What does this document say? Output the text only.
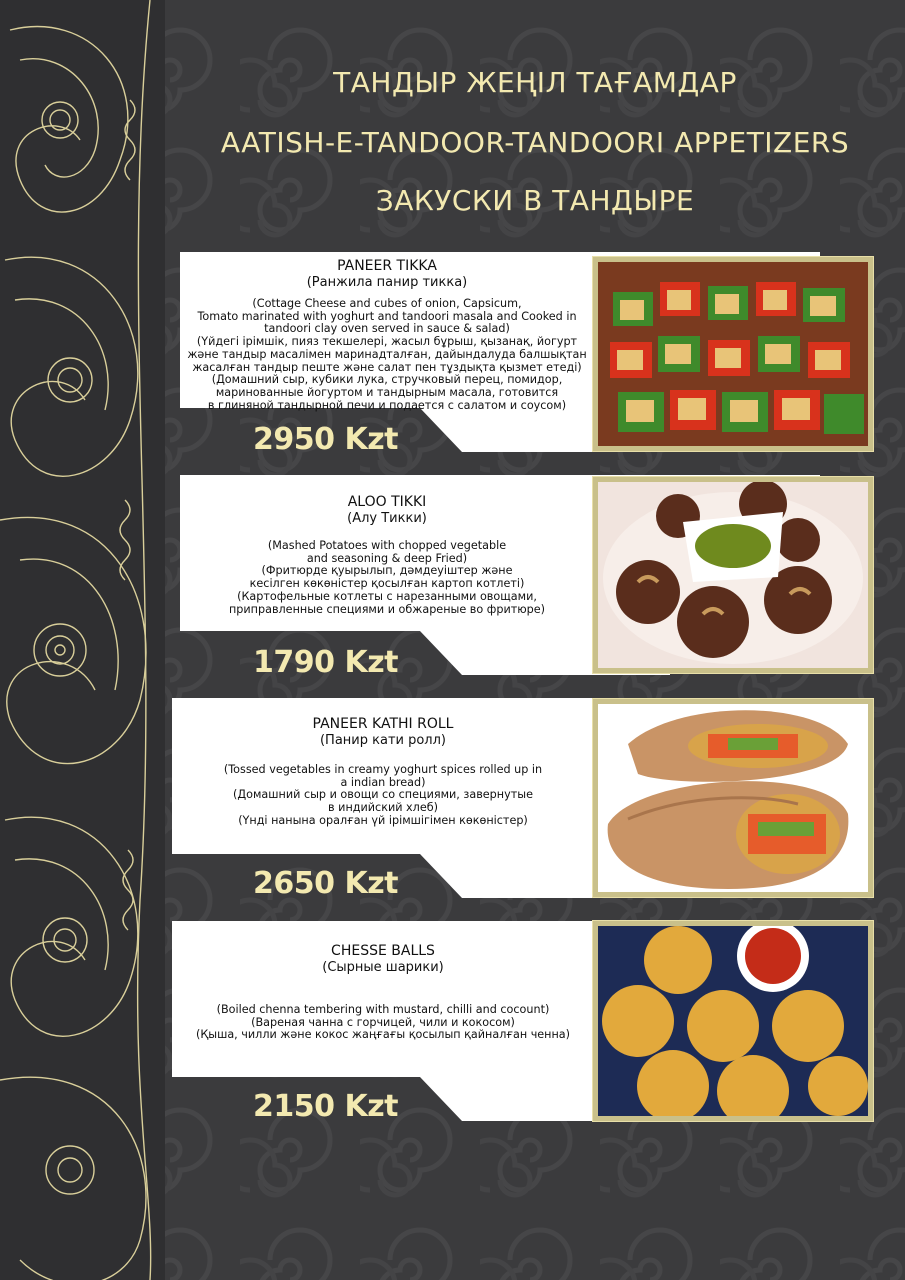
ТАНДЫР ЖЕҢІЛ ТАҒАМДАР
AATISH-E-TANDOOR-TANDOORI APPETIZERS
ЗАКУСКИ В ТАНДЫРЕ
PANEER TIKKA
(Ранжила панир тикка)
(Cottage Cheese and cubes of onion, Capsicum,
Tomato marinated with yoghurt and tandoori masala and Cooked in
tandoori clay oven served in sauce & salad)
(Үйдегі ірімшік, пияз текшелері, жасыл бұрыш, қызанақ, йогурт
және тандыр масалімен маринадталған, дайындалуда балшықтан
жасалған тандыр пеште және салат пен тұздықта қызмет етеді)
(Домашний сыр, кубики лука, стручковый перец, помидор,
маринованные йогуртом и тандырным масала, готовится
в глиняной тандырной печи и подается с салатом и соусом)
2950 Kzt
ALOO TIKKI
(Алу Тикки)
(Mashed Potatoes with chopped vegetable
and seasoning & deep Fried)
(Фритюрде қуырылып, дәмдеуіштер және
кесілген көкөністер қосылған картоп котлеті)
(Картофельные котлеты с нарезанными овощами,
приправленные специями и обжареные во фритюре)
1790 Kzt
PANEER KATHI ROLL
(Панир кати ролл)
(Tossed vegetables in creamy yoghurt spices rolled up in
a indian bread)
(Домашний сыр и овощи со специями, завернутые
в индийский хлеб)
(Үнді нанына оралған үй ірімшігімен көкөністер)
2650 Kzt
CHESSE BALLS
(Сырные шарики)
(Boiled chenna tembering with mustard, chilli and cocount)
(Вареная чанна с горчицей, чили и кокосом)
(Қыша, чилли және кокос жаңғағы қосылып қайналған ченна)
2150 Kzt
